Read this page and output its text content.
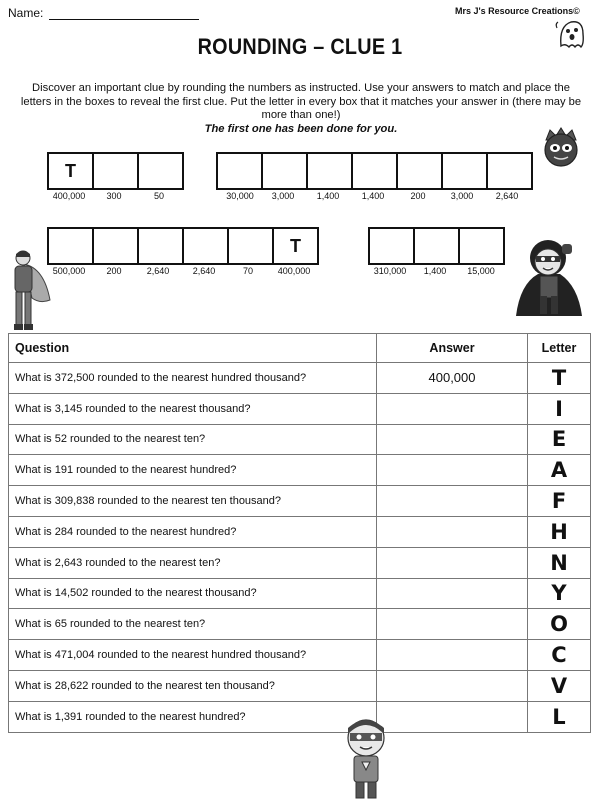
Name:	Mrs J's Resource Creations©
ROUNDING – CLUE 1
Discover an important clue by rounding the numbers as instructed. Use your answers to match and place the letters in the boxes to reveal the first clue. Put the letter in every box that it matches your answer in (there may be more than one!)
The first one has been done for you.
T
400,000 300	50	30,000 3,000 1,400 1,400	200	3,000 2,640
T
500,000 200	2,640	2,640	70	400,000	310,000 1,400 15,000
Question	Answer	Letter
What is 372,500 rounded to the nearest hundred thousand?	400,000	T
What is 3,145 rounded to the nearest thousand?		I
What is 52 rounded to the nearest ten?		E
What is 191 rounded to the nearest hundred?		A
What is 309,838 rounded to the nearest ten thousand?		F
What is 284 rounded to the nearest hundred?		H
What is 2,643 rounded to the nearest ten?		N
What is 14,502 rounded to the nearest thousand?		Y
What is 65 rounded to the nearest ten?		O
What is 471,004 rounded to the nearest hundred thousand?		C
What is 28,622 rounded to the nearest ten thousand?		V
What is 1,391 rounded to the nearest hundred?		L
